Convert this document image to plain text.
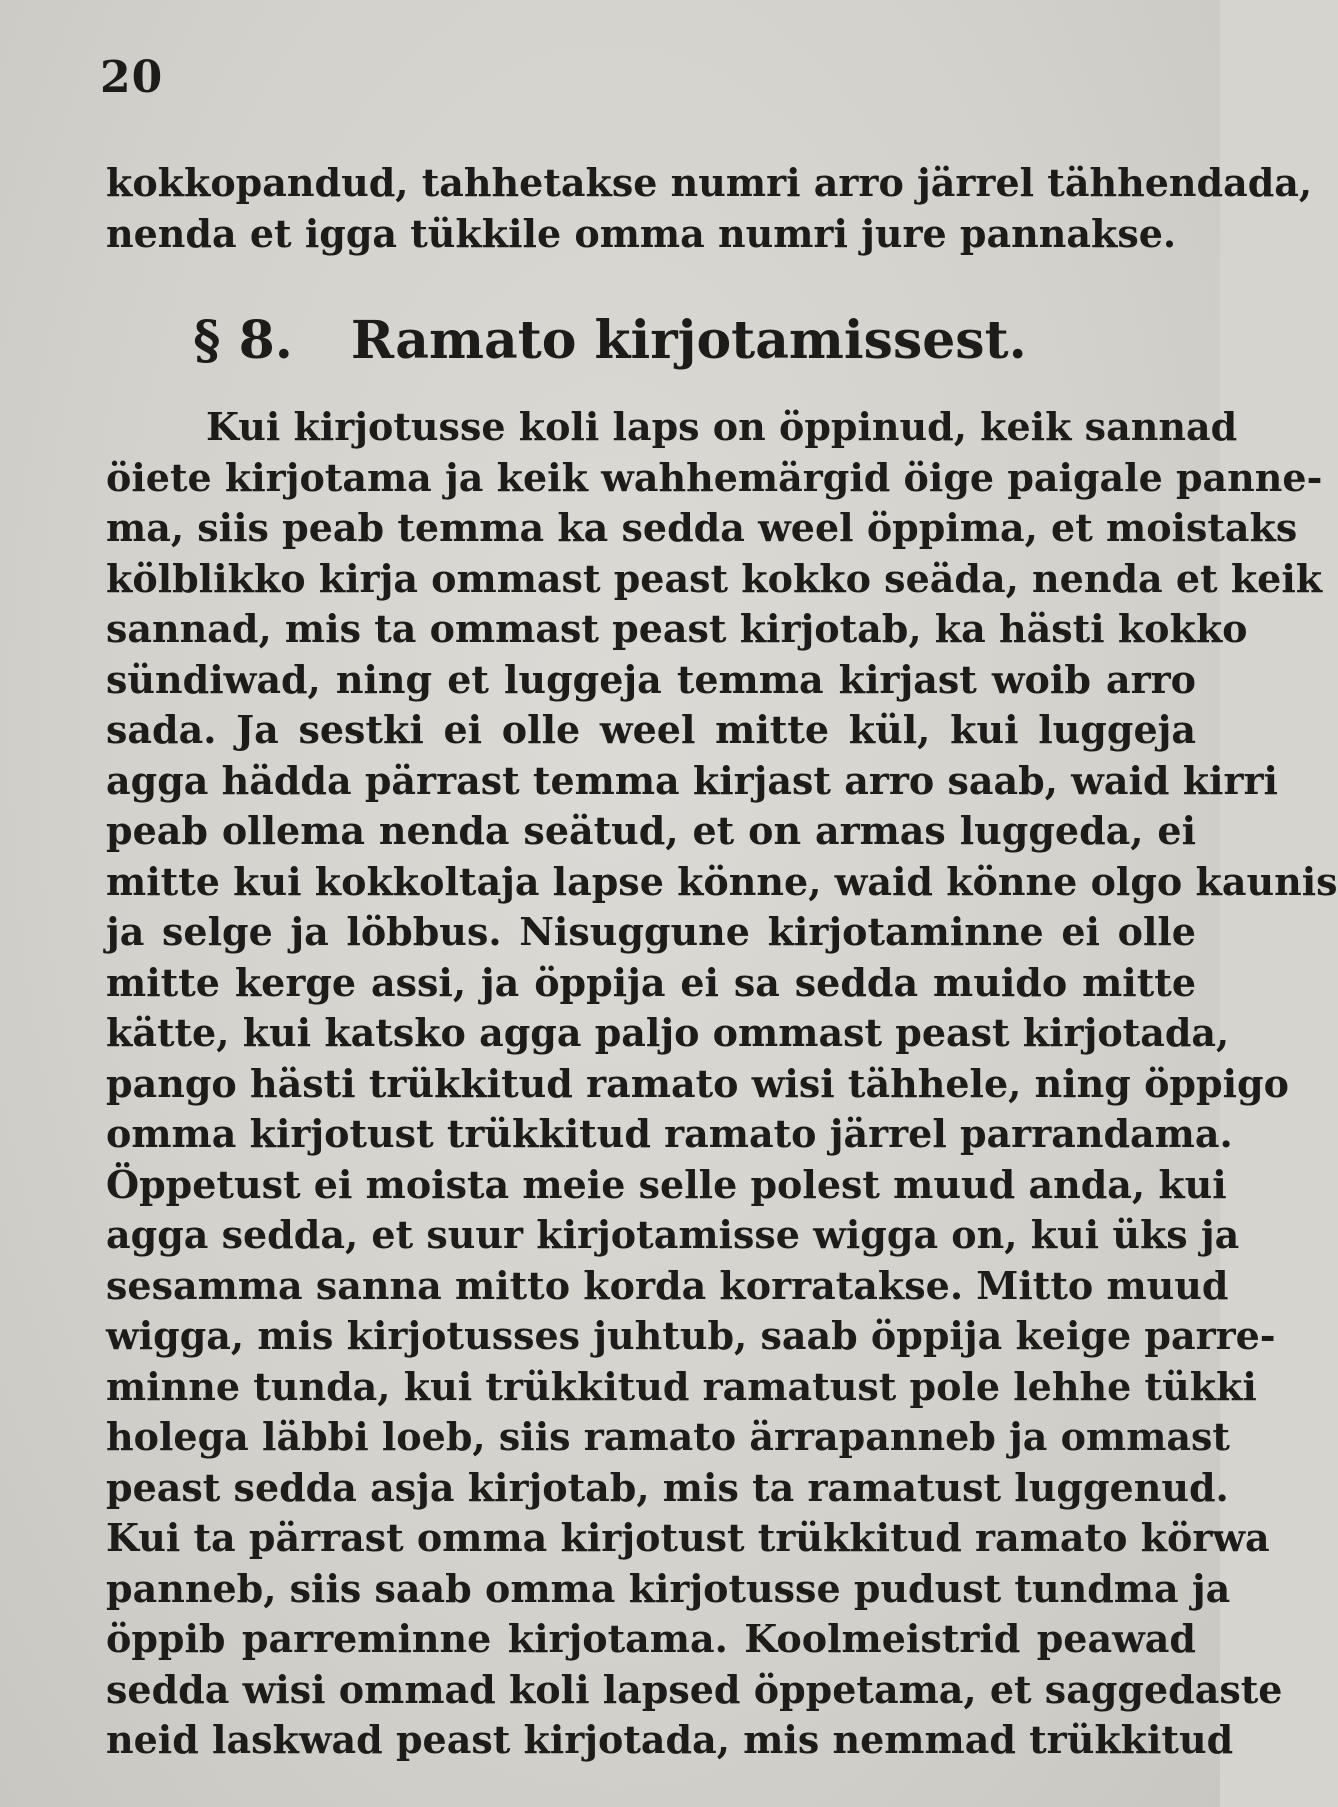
20
kokkopandud, tahhetakse numri arro järrel tähhendada,
nenda et igga tükkile omma numri jure pannakse.
§ 8. Ramato kirjotamissest.
Kui kirjotusse koli laps on öppinud, keik sannad
öiete kirjotama ja keik wahhemärgid öige paigale panne-
ma, siis peab temma ka sedda weel öppima, et moistaks
kölblikko kirja ommast peast kokko seäda, nenda et keik
sannad, mis ta ommast peast kirjotab, ka hästi kokko
sündiwad, ning et luggeja temma kirjast woib arro
sada. Ja sestki ei olle weel mitte kül, kui luggeja
agga hädda pärrast temma kirjast arro saab, waid kirri
peab ollema nenda seätud, et on armas luggeda, ei
mitte kui kokkoltaja lapse könne, waid könne olgo kaunis
ja selge ja löbbus. Nisuggune kirjotaminne ei olle
mitte kerge assi, ja öppija ei sa sedda muido mitte
kätte, kui katsko agga paljo ommast peast kirjotada,
pango hästi trükkitud ramato wisi tähhele, ning öppigo
omma kirjotust trükkitud ramato järrel parrandama.
Öppetust ei moista meie selle polest muud anda, kui
agga sedda, et suur kirjotamisse wigga on, kui üks ja
sesamma sanna mitto korda korratakse. Mitto muud
wigga, mis kirjotusses juhtub, saab öppija keige parre-
minne tunda, kui trükkitud ramatust pole lehhe tükki
holega läbbi loeb, siis ramato ärrapanneb ja ommast
peast sedda asja kirjotab, mis ta ramatust luggenud.
Kui ta pärrast omma kirjotust trükkitud ramato körwa
panneb, siis saab omma kirjotusse pudust tundma ja
öppib parreminne kirjotama. Koolmeistrid peawad
sedda wisi ommad koli lapsed öppetama, et saggedaste
neid laskwad peast kirjotada, mis nemmad trükkitud
